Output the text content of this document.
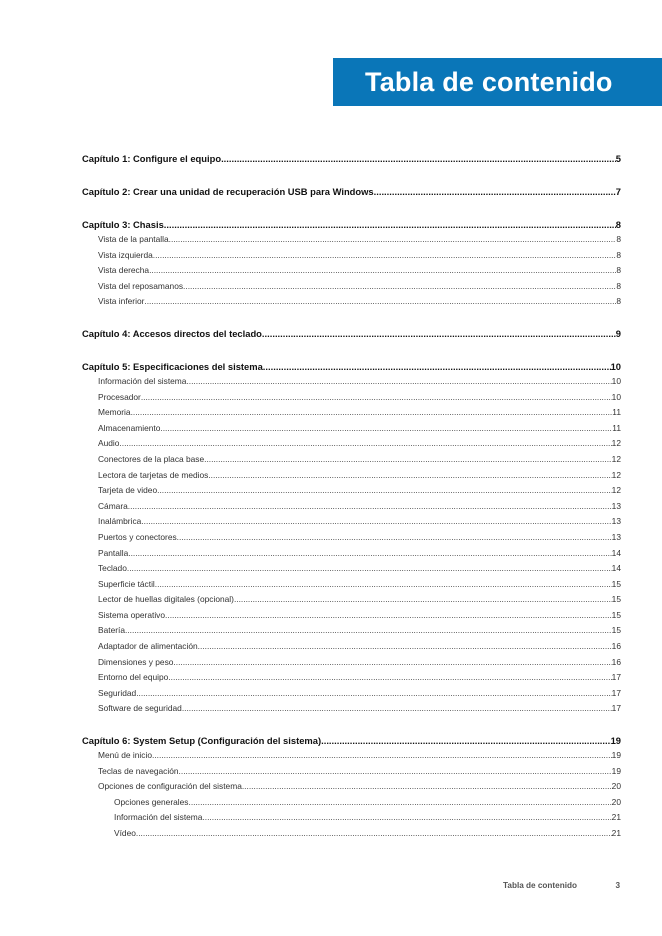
Tabla de contenido
Capítulo 1: Configure el equipo .....	5
Capítulo 2: Crear una unidad de recuperación USB para Windows .....	7
Capítulo 3: Chasis .....	8
Vista de la pantalla .....	8
Vista izquierda .....	8
Vista derecha .....	8
Vista del reposamanos .....	8
Vista inferior .....	8
Capítulo 4: Accesos directos del teclado .....	9
Capítulo 5: Especificaciones del sistema .....	10
Información del sistema .....	10
Procesador .....	10
Memoria .....	11
Almacenamiento .....	11
Audio .....	12
Conectores de la placa base .....	12
Lectora de tarjetas de medios .....	12
Tarjeta de video .....	12
Cámara .....	13
Inalámbrica .....	13
Puertos y conectores .....	13
Pantalla .....	14
Teclado .....	14
Superficie táctil .....	15
Lector de huellas digitales (opcional) .....	15
Sistema operativo .....	15
Batería .....	15
Adaptador de alimentación .....	16
Dimensiones y peso .....	16
Entorno del equipo .....	17
Seguridad .....	17
Software de seguridad .....	17
Capítulo 6: System Setup (Configuración del sistema) .....	19
Menú de inicio .....	19
Teclas de navegación .....	19
Opciones de configuración del sistema .....	20
Opciones generales .....	20
Información del sistema .....	21
Vídeo .....	21
Tabla de contenido	3
